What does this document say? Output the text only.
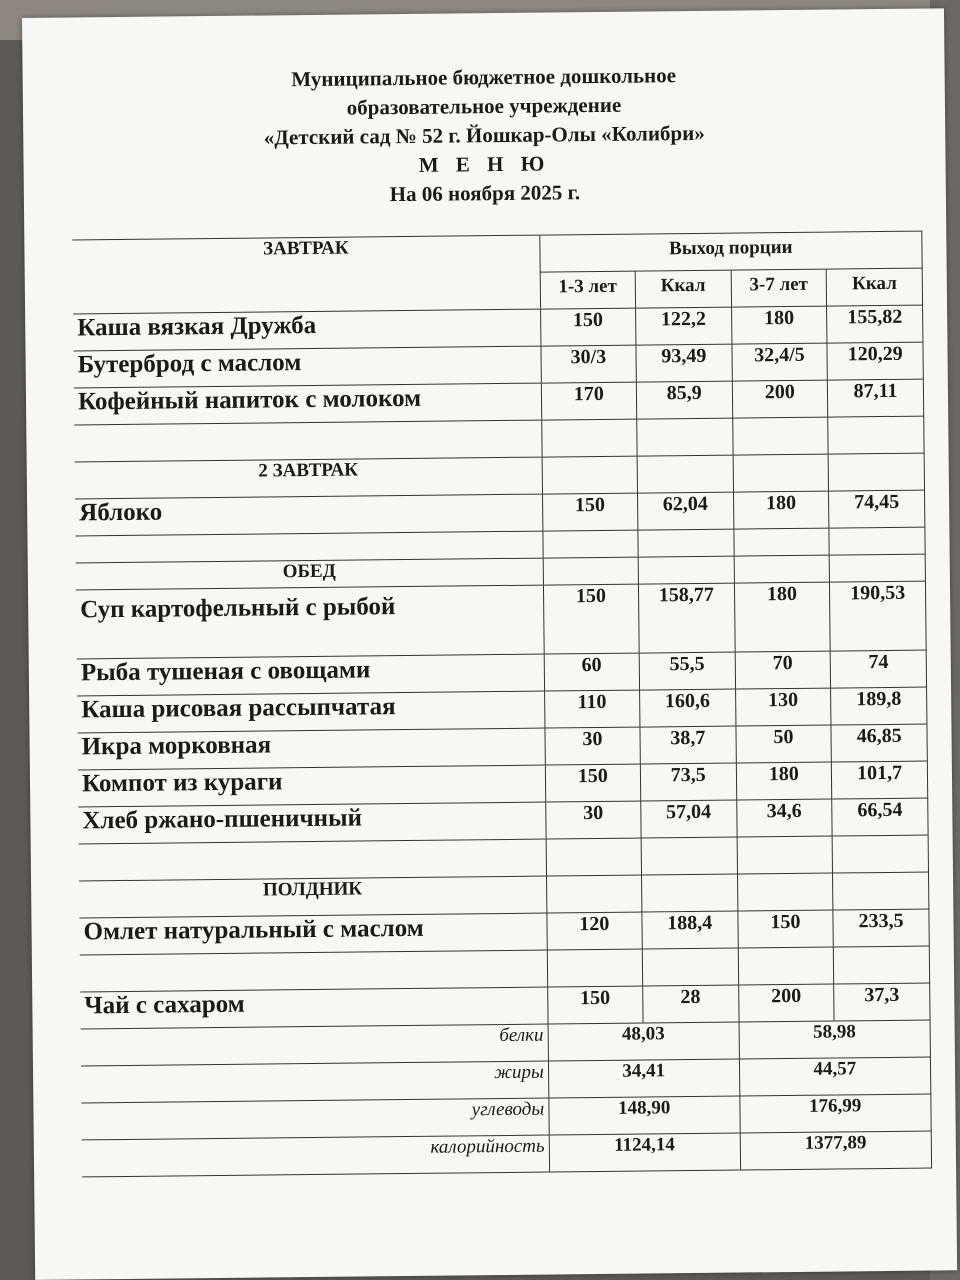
Муниципальное бюджетное дошкольное
образовательное учреждение
«Детский сад № 52 г. Йошкар-Олы «Колибри»
М Е Н Ю
На 06 ноября 2025 г.
ЗАВТРАК	Выход порции			
	1-3 лет	Ккал	3-7 лет	Ккал
Каша вязкая Дружба	150	122,2	180	155,82
Бутерброд с маслом	30/3	93,49	32,4/5	120,29
Кофейный напиток с молоком	170	85,9	200	87,11

2 ЗАВТРАК				
Яблоко	150	62,04	180	74,45

ОБЕД				
Суп картофельный с рыбой	150	158,77	180	190,53
Рыба тушеная с овощами	60	55,5	70	74
Каша рисовая рассыпчатая	110	160,6	130	189,8
Икра морковная	30	38,7	50	46,85
Компот из кураги	150	73,5	180	101,7
Хлеб ржано-пшеничный	30	57,04	34,6	66,54

ПОЛДНИК				
Омлет натуральный с маслом	120	188,4	150	233,5

Чай с сахаром	150	28	200	37,3
белки	48,03		58,98	
жиры	34,41		44,57	
углеводы	148,90		176,99	
калорийность	1124,14		1377,89	
